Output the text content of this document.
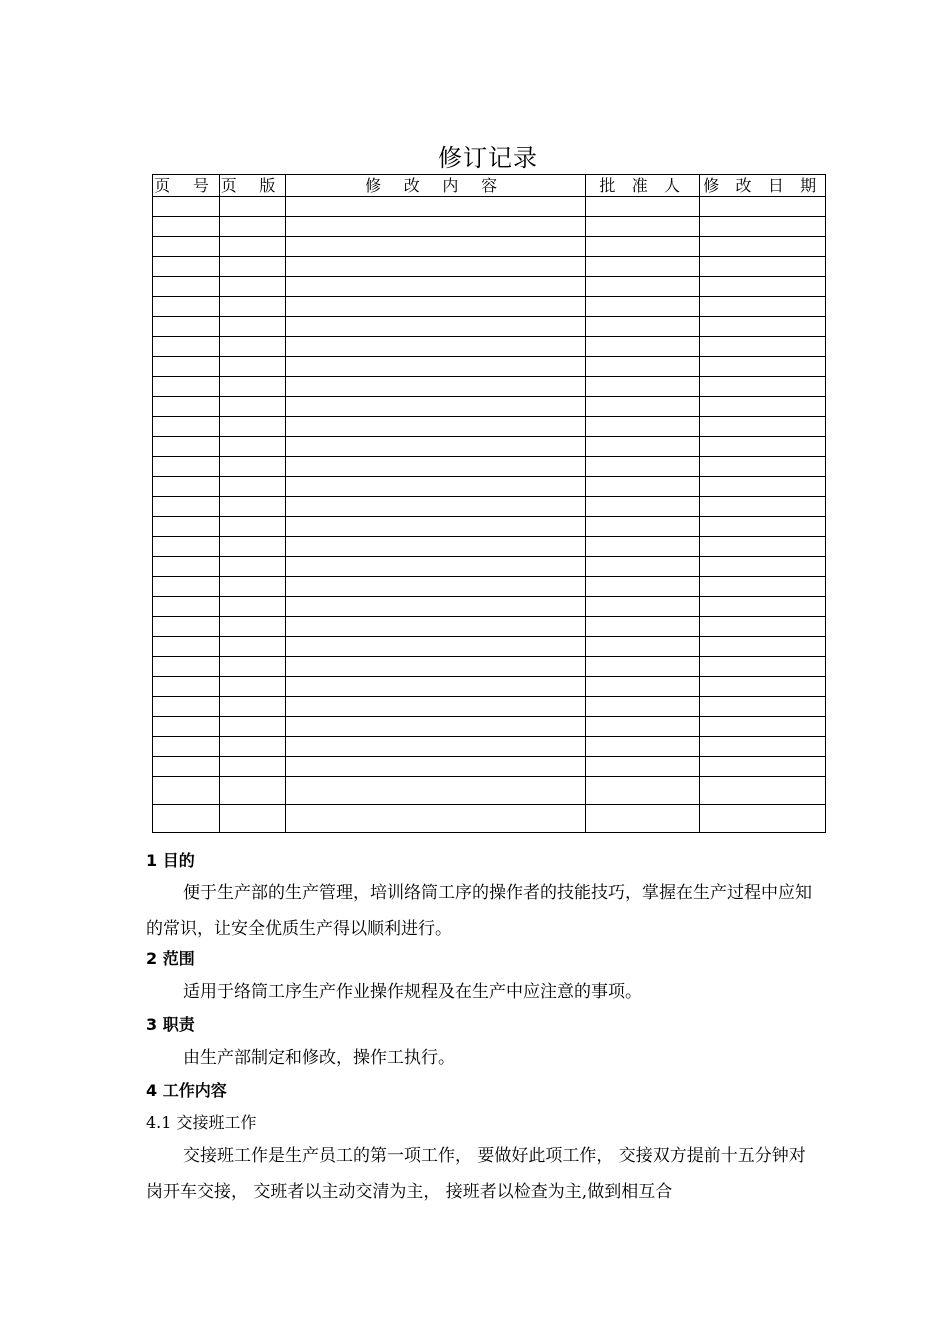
修订记录
页 号	页 版	修 改 内 容	批 准 人	修 改 日 期

1 目的

便于生产部的生产管理，培训络筒工序的操作者的技能技巧，掌握在生产过程中应知的常识，让安全优质生产得以顺利进行。

2 范围

适用于络筒工序生产作业操作规程及在生产中应注意的事项。

3 职责

由生产部制定和修改，操作工执行。

4 工作内容
4.1 交接班工作

交接班工作是生产员工的第一项工作， 要做好此项工作， 交接双方提前十五分钟对岗开车交接， 交班者以主动交清为主， 接班者以检查为主,做到相互合
